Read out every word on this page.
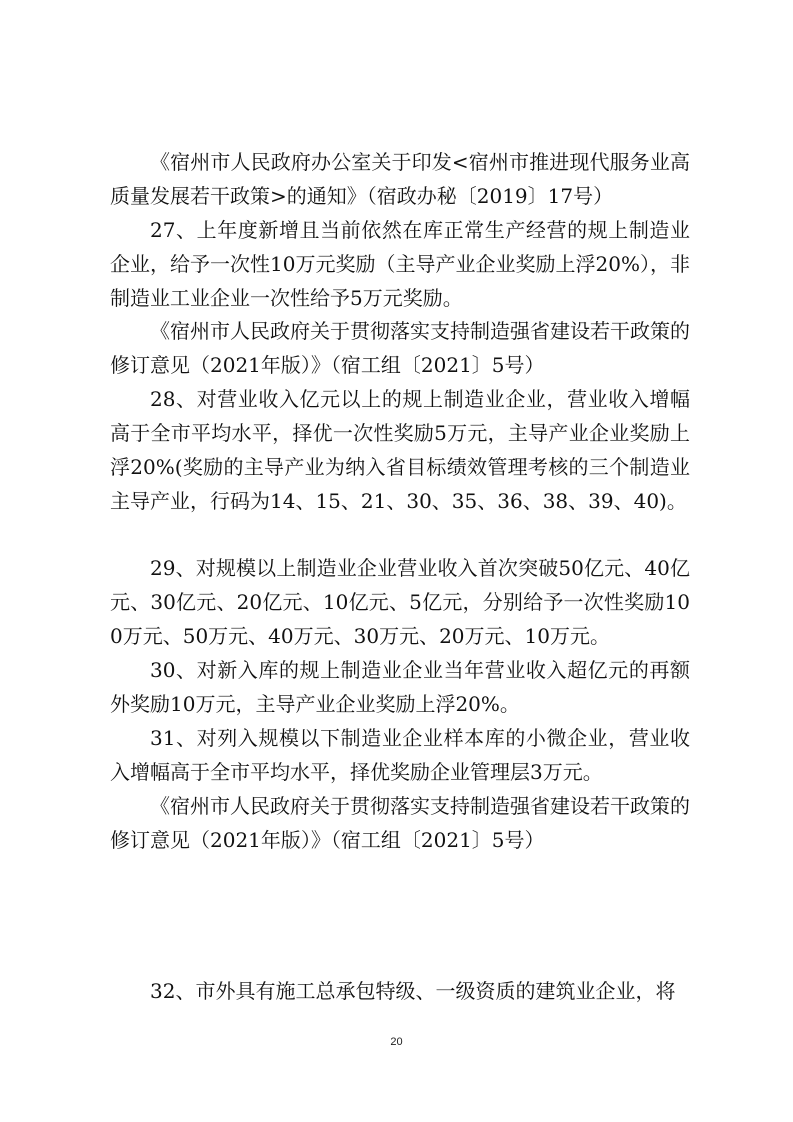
《宿州市人民政府办公室关于印发<宿州市推进现代服务业高质量发展若干政策>的通知》（宿政办秘〔2019〕17号）

27、上年度新增且当前依然在库正常生产经营的规上制造业企业，给予一次性10万元奖励（主导产业企业奖励上浮20%），非制造业工业企业一次性给予5万元奖励。

《宿州市人民政府关于贯彻落实支持制造强省建设若干政策的修订意见（2021年版）》（宿工组〔2021〕5号）

28、对营业收入亿元以上的规上制造业企业，营业收入增幅高于全市平均水平，择优一次性奖励5万元，主导产业企业奖励上浮20%(奖励的主导产业为纳入省目标绩效管理考核的三个制造业主导产业，行码为14、15、21、30、35、36、38、39、40)。

29、对规模以上制造业企业营业收入首次突破50亿元、40亿元、30亿元、20亿元、10亿元、5亿元，分别给予一次性奖励100万元、50万元、40万元、30万元、20万元、10万元。

30、对新入库的规上制造业企业当年营业收入超亿元的再额外奖励10万元，主导产业企业奖励上浮20%。

31、对列入规模以下制造业企业样本库的小微企业，营业收入增幅高于全市平均水平，择优奖励企业管理层3万元。

《宿州市人民政府关于贯彻落实支持制造强省建设若干政策的修订意见（2021年版）》（宿工组〔2021〕5号）

32、市外具有施工总承包特级、一级资质的建筑业企业，将

20
